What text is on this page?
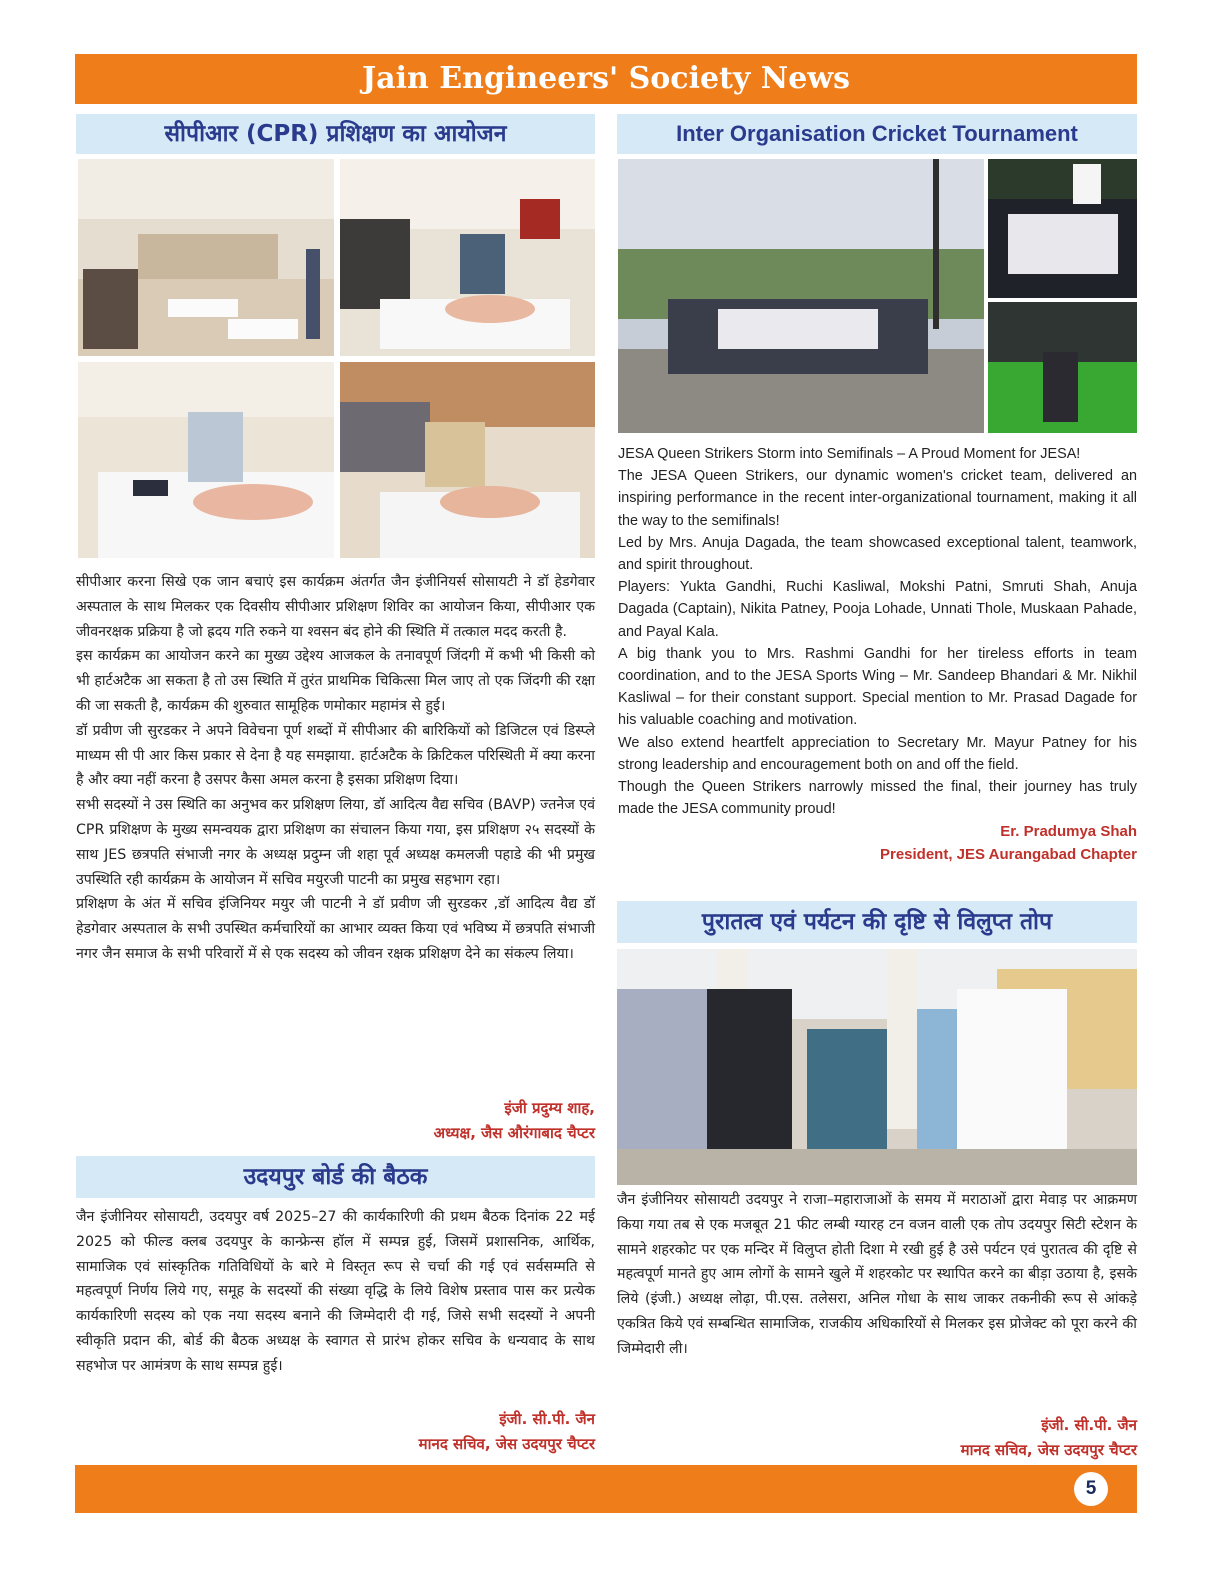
Jain Engineers' Society News
सीपीआर (CPR) प्रशिक्षण का आयोजन

सीपीआर करना सिखे एक जान बचाएं इस कार्यक्रम अंतर्गत जैन इंजीनियर्स सोसायटी ने डॉ हेडगेवार अस्पताल के साथ मिलकर एक दिवसीय सीपीआर प्रशिक्षण शिविर का आयोजन किया, सीपीआर एक जीवनरक्षक प्रक्रिया है जो ह्रदय गति रुकने या श्वसन बंद होने की स्थिति में तत्काल मदद करती है.

इस कार्यक्रम का आयोजन करने का मुख्य उद्देश्य आजकल के तनावपूर्ण जिंदगी में कभी भी किसी को भी हार्टअटैक आ सकता है तो उस स्थिति में तुरंत प्राथमिक चिकित्सा मिल जाए तो एक जिंदगी की रक्षा की जा सकती है, कार्यक्रम की शुरुवात सामूहिक णमोकार महामंत्र से हुई।

डॉ प्रवीण जी सुरडकर ने अपने विवेचना पूर्ण शब्दों में सीपीआर की बारिकियों को डिजिटल एवं डिस्प्ले माध्यम सी पी आर किस प्रकार से देना है यह समझाया. हार्टअटैक के क्रिटिकल परिस्थिती में क्या करना है और क्या नहीं करना है उसपर कैसा अमल करना है इसका प्रशिक्षण दिया।

सभी सदस्यों ने उस स्थिति का अनुभव कर प्रशिक्षण लिया, डॉ आदित्य वैद्य सचिव (BAVP) ज्तनेज एवं CPR प्रशिक्षण के मुख्य समन्वयक द्वारा प्रशिक्षण का संचालन किया गया, इस प्रशिक्षण २५ सदस्यों के साथ JES छत्रपति संभाजी नगर के अध्यक्ष प्रदुम्न जी शहा पूर्व अध्यक्ष कमलजी पहाडे की भी प्रमुख उपस्थिति रही कार्यक्रम के आयोजन में सचिव मयुरजी पाटनी का प्रमुख सहभाग रहा।

प्रशिक्षण के अंत में सचिव इंजिनियर मयुर जी पाटनी ने डॉ प्रवीण जी सुरडकर ,डॉ आदित्य वैद्य डॉ हेडगेवार अस्पताल के सभी उपस्थित कर्मचारियों का आभार व्यक्त किया एवं भविष्य में छत्रपति संभाजी नगर जैन समाज के सभी परिवारों में से एक सदस्य को जीवन रक्षक प्रशिक्षण देने का संकल्प लिया।

इंजी प्रदुम्य शाह,
अध्यक्ष, जैस औरंगाबाद चैप्टर
उदयपुर बोर्ड की बैठक

जैन इंजीनियर सोसायटी, उदयपुर वर्ष 2025–27 की कार्यकारिणी की प्रथम बैठक दिनांक 22 मई 2025 को फील्ड क्लब उदयपुर के कान्फ्रेन्स हॉल में सम्पन्न हुई, जिसमें प्रशासनिक, आर्थिक, सामाजिक एवं सांस्कृतिक गतिविधियों के बारे मे विस्तृत रूप से चर्चा की गई एवं सर्वसम्मति से महत्वपूर्ण निर्णय लिये गए, समूह के सदस्यों की संख्या वृद्धि के लिये विशेष प्रस्ताव पास कर प्रत्येक कार्यकारिणी सदस्य को एक नया सदस्य बनाने की जिम्मेदारी दी गई, जिसे सभी सदस्यों ने अपनी स्वीकृति प्रदान की, बोर्ड की बैठक अध्यक्ष के स्वागत से प्रारंभ होकर सचिव के धन्यवाद के साथ सहभोज पर आमंत्रण के साथ सम्पन्न हुई।

इंजी. सी.पी. जैन
मानद सचिव, जेस उदयपुर चैप्टर
Inter Organisation Cricket Tournament

JESA Queen Strikers Storm into Semifinals – A Proud Moment for JESA!

The JESA Queen Strikers, our dynamic women's cricket team, delivered an inspiring performance in the recent inter-organizational tournament, making it all the way to the semifinals!

Led by Mrs. Anuja Dagada, the team showcased exceptional talent, teamwork, and spirit throughout.

Players: Yukta Gandhi, Ruchi Kasliwal, Mokshi Patni, Smruti Shah, Anuja Dagada (Captain), Nikita Patney, Pooja Lohade, Unnati Thole, Muskaan Pahade, and Payal Kala.

A big thank you to Mrs. Rashmi Gandhi for her tireless efforts in team coordination, and to the JESA Sports Wing – Mr. Sandeep Bhandari & Mr. Nikhil Kasliwal – for their constant support. Special mention to Mr. Prasad Dagade for his valuable coaching and motivation.

We also extend heartfelt appreciation to Secretary Mr. Mayur Patney for his strong leadership and encouragement both on and off the field.

Though the Queen Strikers narrowly missed the final, their journey has truly made the JESA community proud!

Er. Pradumya Shah
President, JES Aurangabad Chapter
पुरातत्व एवं पर्यटन की दृष्टि से विलुप्त तोप

जैन इंजीनियर सोसायटी उदयपुर ने राजा–महाराजाओं के समय में मराठाओं द्वारा मेवाड़ पर आक्रमण किया गया तब से एक मजबूत 21 फीट लम्बी ग्यारह टन वजन वाली एक तोप उदयपुर सिटी स्टेशन के सामने शहरकोट पर एक मन्दिर में विलुप्त होती दिशा मे रखी हुई है उसे पर्यटन एवं पुरातत्व की दृष्टि से महत्वपूर्ण मानते हुए आम लोगों के सामने खुले में शहरकोट पर स्थापित करने का बीड़ा उठाया है, इसके लिये (इंजी.) अध्यक्ष लोढ़ा, पी.एस. तलेसरा, अनिल गोधा के साथ जाकर तकनीकी रूप से आंकड़े एकत्रित किये एवं सम्बन्धित सामाजिक, राजकीय अधिकारियों से मिलकर इस प्रोजेक्ट को पूरा करने की जिम्मेदारी ली।

इंजी. सी.पी. जैन
मानद सचिव, जेस उदयपुर चैप्टर
5
